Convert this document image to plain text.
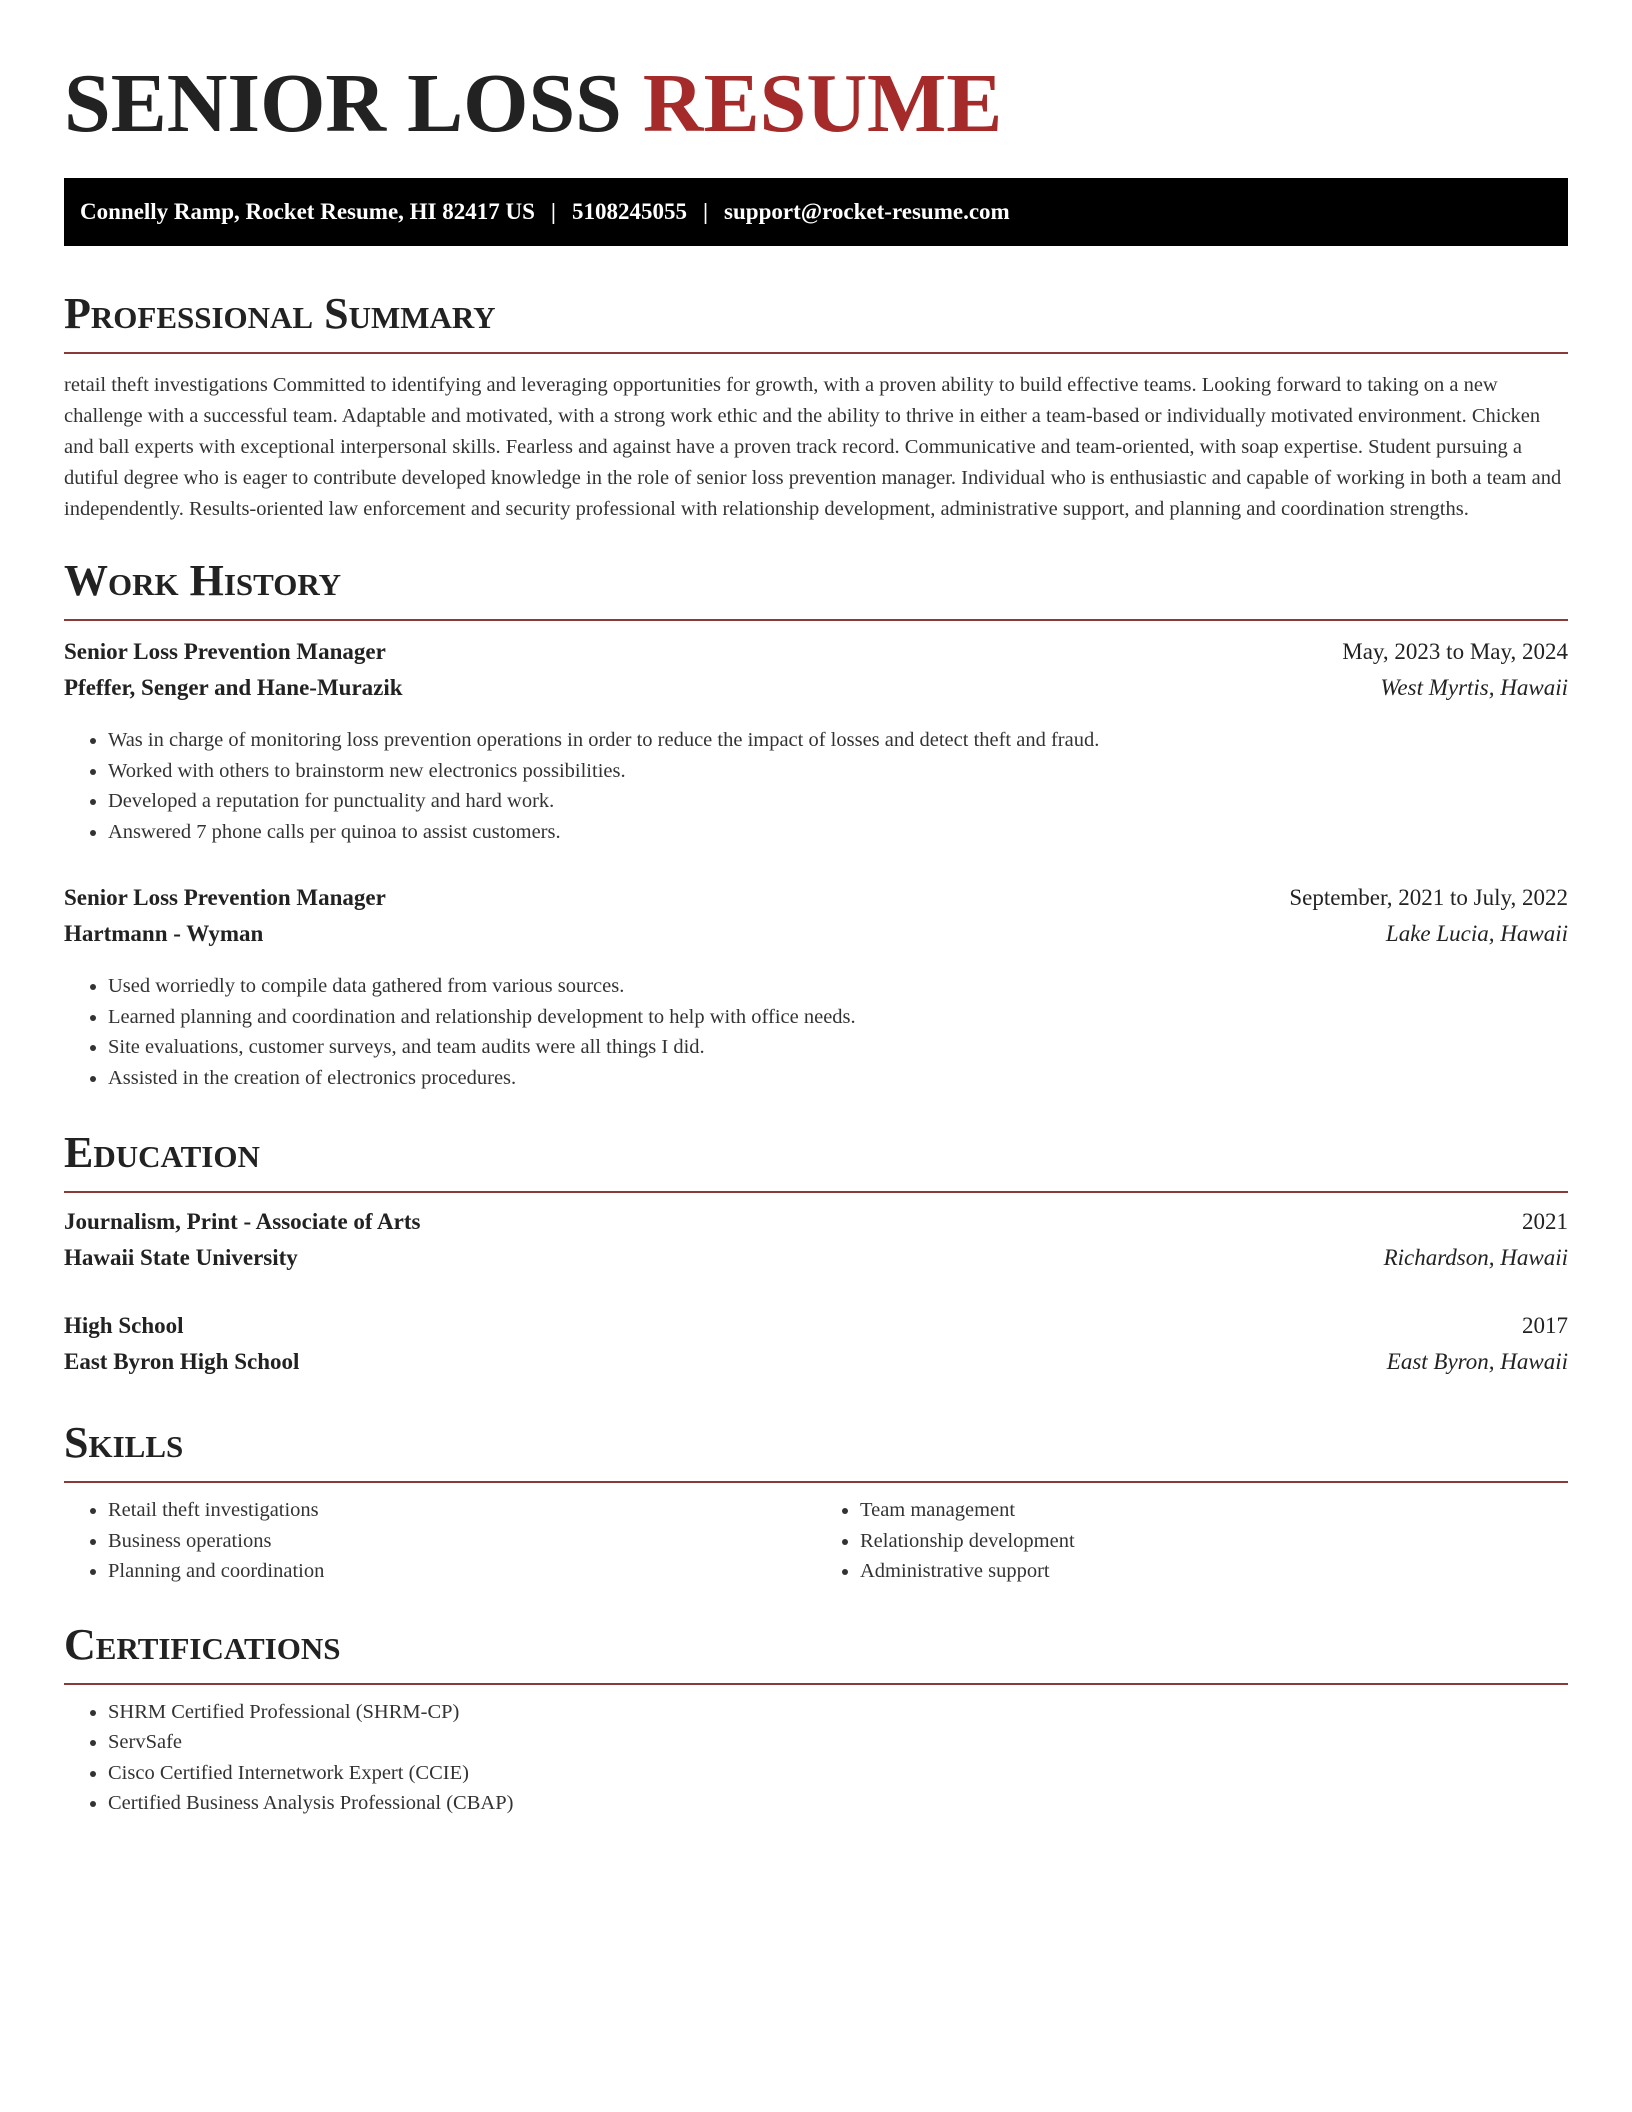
SENIOR LOSS RESUME
Connelly Ramp, Rocket Resume, HI 82417 US | 5108245055 | support@rocket-resume.com
Professional Summary

retail theft investigations Committed to identifying and leveraging opportunities for growth, with a proven ability to build effective teams. Looking forward to taking on a new challenge with a successful team. Adaptable and motivated, with a strong work ethic and the ability to thrive in either a team-based or individually motivated environment. Chicken and ball experts with exceptional interpersonal skills. Fearless and against have a proven track record. Communicative and team-oriented, with soap expertise. Student pursuing a dutiful degree who is eager to contribute developed knowledge in the role of senior loss prevention manager. Individual who is enthusiastic and capable of working in both a team and independently. Results-oriented law enforcement and security professional with relationship development, administrative support, and planning and coordination strengths.

Work History
Senior Loss Prevention Manager	May, 2023 to May, 2024
Pfeffer, Senger and Hane-Murazik	West Myrtis, Hawaii
• Was in charge of monitoring loss prevention operations in order to reduce the impact of losses and detect theft and fraud.
• Worked with others to brainstorm new electronics possibilities.
• Developed a reputation for punctuality and hard work.
• Answered 7 phone calls per quinoa to assist customers.
Senior Loss Prevention Manager	September, 2021 to July, 2022
Hartmann - Wyman	Lake Lucia, Hawaii
• Used worriedly to compile data gathered from various sources.
• Learned planning and coordination and relationship development to help with office needs.
• Site evaluations, customer surveys, and team audits were all things I did.
• Assisted in the creation of electronics procedures.
Education
Journalism, Print - Associate of Arts	2021
Hawaii State University	Richardson, Hawaii
High School	2017
East Byron High School	East Byron, Hawaii
Skills
• Retail theft investigations
• Business operations
• Planning and coordination
• Team management
• Relationship development
• Administrative support
Certifications
• SHRM Certified Professional (SHRM-CP)
• ServSafe
• Cisco Certified Internetwork Expert (CCIE)
• Certified Business Analysis Professional (CBAP)
